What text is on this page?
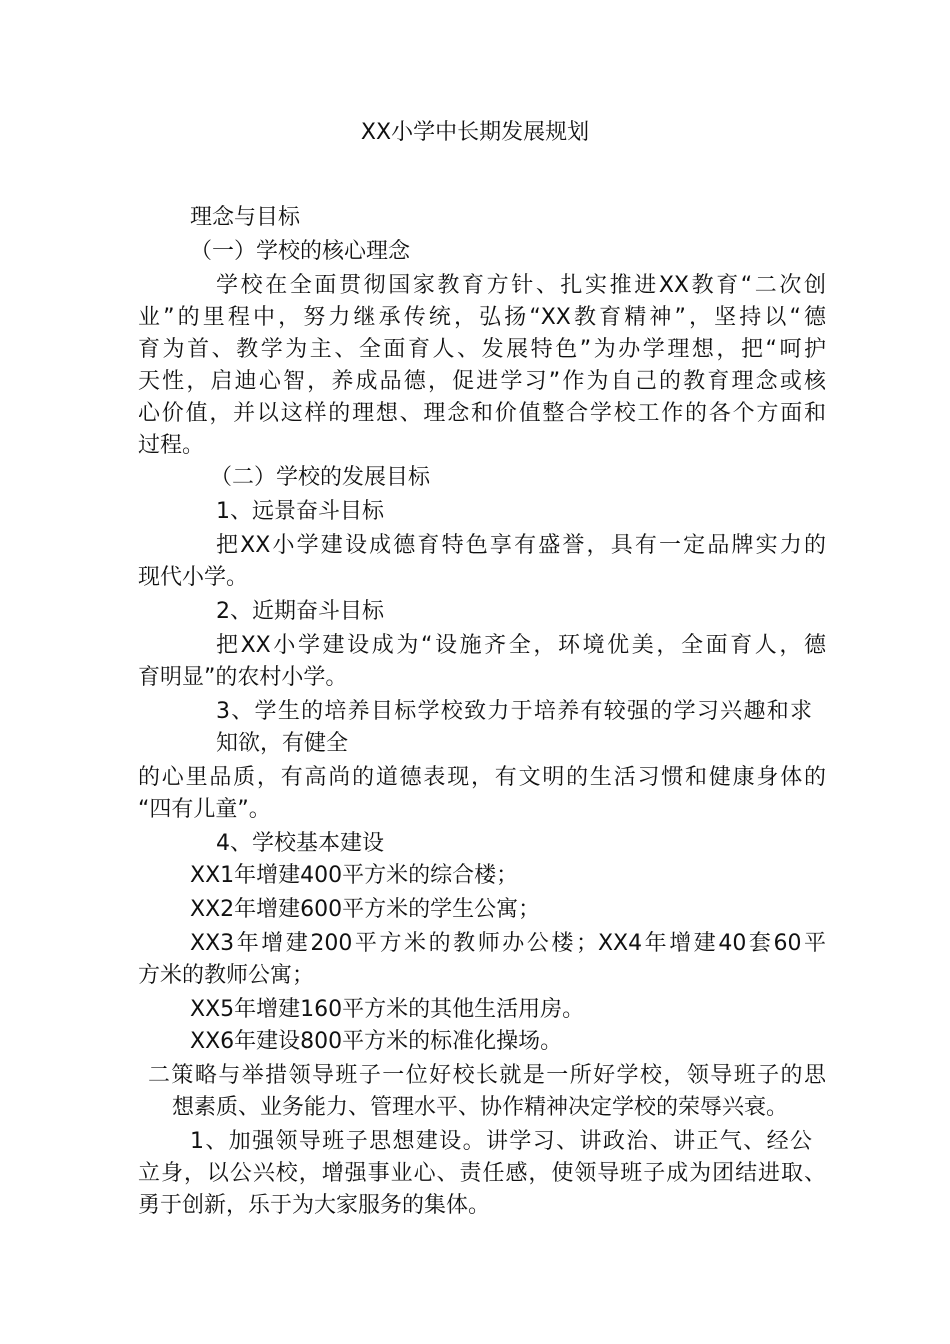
XX小学中长期发展规划
理念与目标
（一）学校的核心理念
学校在全面贯彻国家教育方针、扎实推进XX教育“二次创
业”的里程中，努力继承传统，弘扬“XX教育精神”，坚持以“德
育为首、教学为主、全面育人、发展特色”为办学理想，把“呵护
天性，启迪心智，养成品德，促进学习”作为自己的教育理念或核
心价值，并以这样的理想、理念和价值整合学校工作的各个方面和
过程。
（二）学校的发展目标
1、远景奋斗目标
把XX小学建设成德育特色享有盛誉，具有一定品牌实力的
现代小学。
2、近期奋斗目标
把XX小学建设成为“设施齐全，环境优美，全面育人，德
育明显”的农村小学。
3、学生的培养目标学校致力于培养有较强的学习兴趣和求
知欲，有健全
的心里品质，有高尚的道德表现，有文明的生活习惯和健康身体的
“四有儿童”。
4、学校基本建设
XX1年增建400平方米的综合楼；
XX2年增建600平方米的学生公寓；
XX3年增建200平方米的教师办公楼；XX4年增建40套60平
方米的教师公寓；
XX5年增建160平方米的其他生活用房。
XX6年建设800平方米的标准化操场。
二策略与举措领导班子一位好校长就是一所好学校，领导班子的思
想素质、业务能力、管理水平、协作精神决定学校的荣辱兴衰。
1、加强领导班子思想建设。讲学习、讲政治、讲正气、经公
立身，以公兴校，增强事业心、责任感，使领导班子成为团结进取、
勇于创新，乐于为大家服务的集体。
